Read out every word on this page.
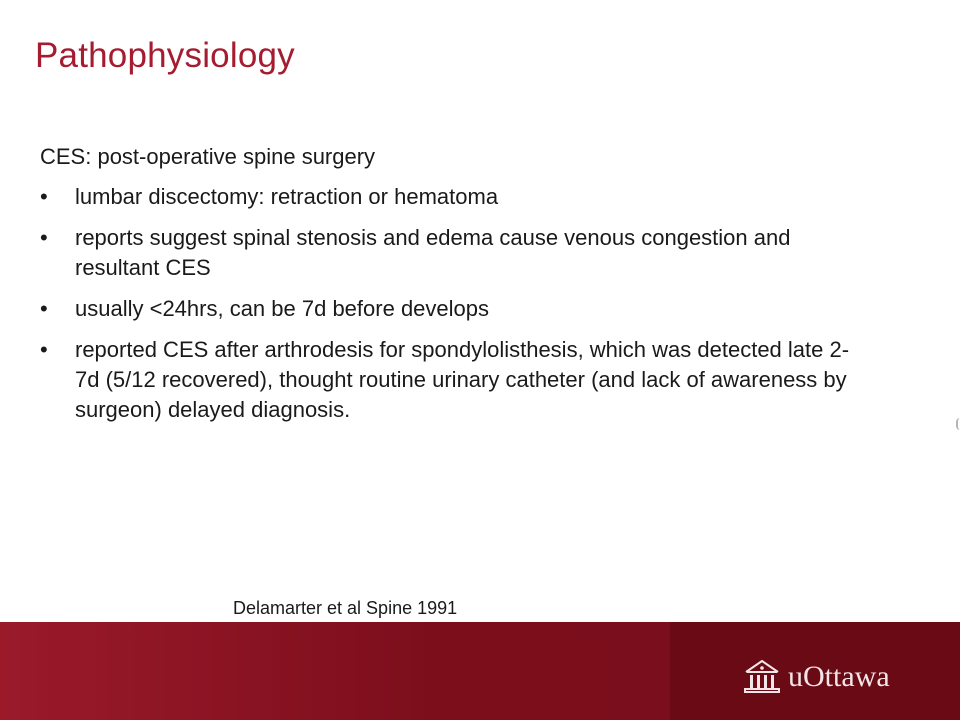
Pathophysiology

CES: post-operative spine surgery

• lumbar discectomy: retraction or hematoma
• reports suggest spinal stenosis and edema cause venous congestion and resultant CES
• usually <24hrs, can be 7d before develops
• reported CES after arthrodesis for spondylolisthesis, which was detected late 2-7d (5/12 recovered), thought routine urinary catheter (and lack of awareness by surgeon) delayed diagnosis.
Delamarter et al Spine 1991
uOttawa
